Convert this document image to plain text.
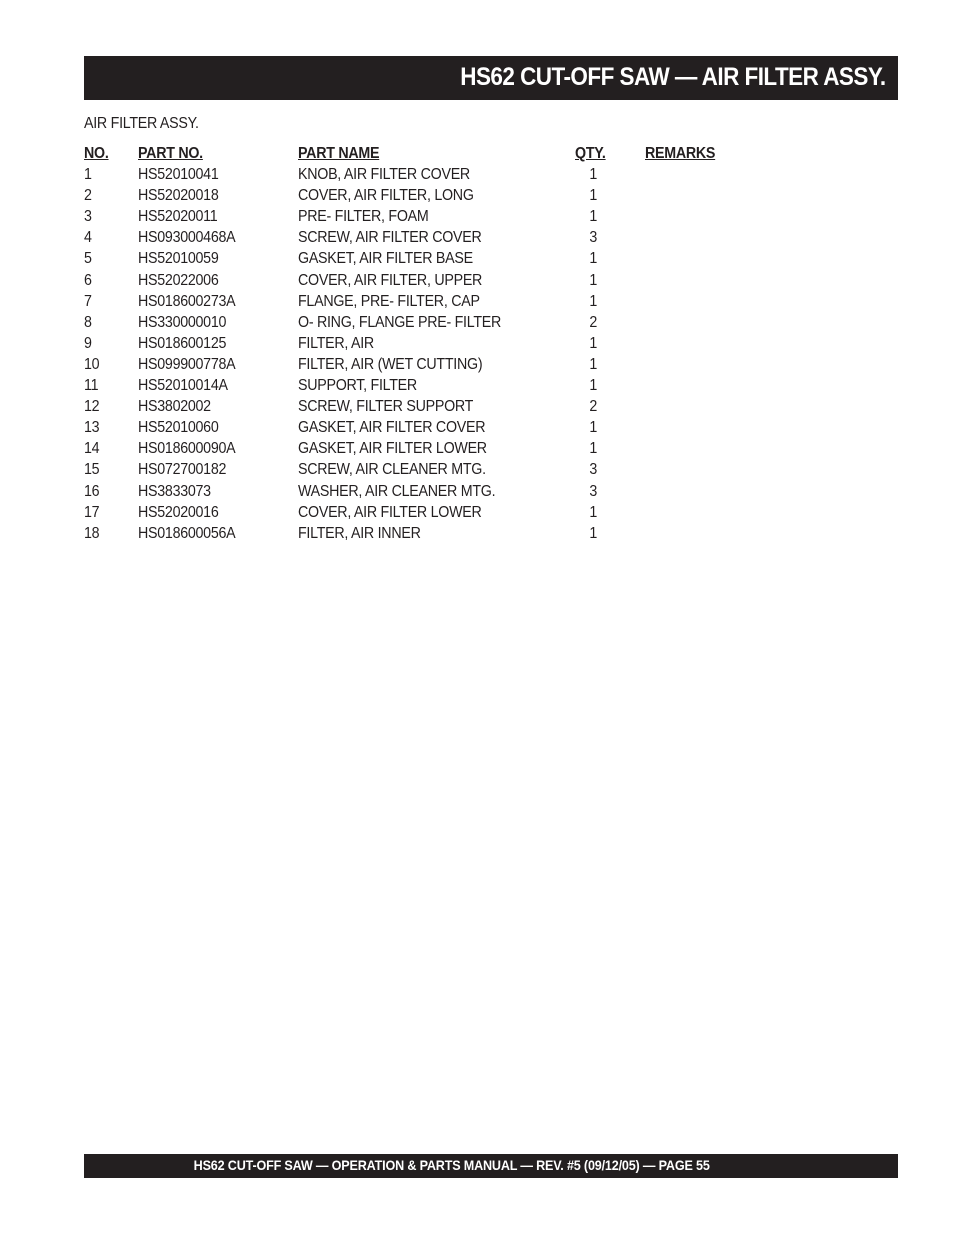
HS62 CUT-OFF SAW — AIR FILTER ASSY.
AIR FILTER ASSY.
NO. PART NO.	PART NAME	QTY.	REMARKS
1	HS52010041	KNOB, AIR FILTER COVER	1
2	HS52020018	COVER, AIR FILTER, LONG	1
3	HS52020011	PRE- FILTER, FOAM	1
4	HS093000468A	SCREW, AIR FILTER COVER	3
5	HS52010059	GASKET, AIR FILTER BASE	1
6	HS52022006	COVER, AIR FILTER, UPPER	1
7	HS018600273A	FLANGE, PRE- FILTER, CAP	1
8	HS330000010	O- RING, FLANGE PRE- FILTER	2
9	HS018600125	FILTER, AIR	1
10 HS099900778A	FILTER, AIR (WET CUTTING)	1
11	HS52010014A	SUPPORT, FILTER	1
12 HS3802002	SCREW, FILTER SUPPORT	2
13 HS52010060	GASKET, AIR FILTER COVER	1
14 HS018600090A	GASKET, AIR FILTER LOWER	1
15 HS072700182	SCREW, AIR CLEANER MTG.	3
16 HS3833073	WASHER, AIR CLEANER MTG.	3
17 HS52020016	COVER, AIR FILTER LOWER	1
18 HS018600056A	FILTER, AIR INNER	1
HS62 CUT-OFF SAW — OPERATION & PARTS MANUAL — REV. #5 (09/12/05) — PAGE 55
